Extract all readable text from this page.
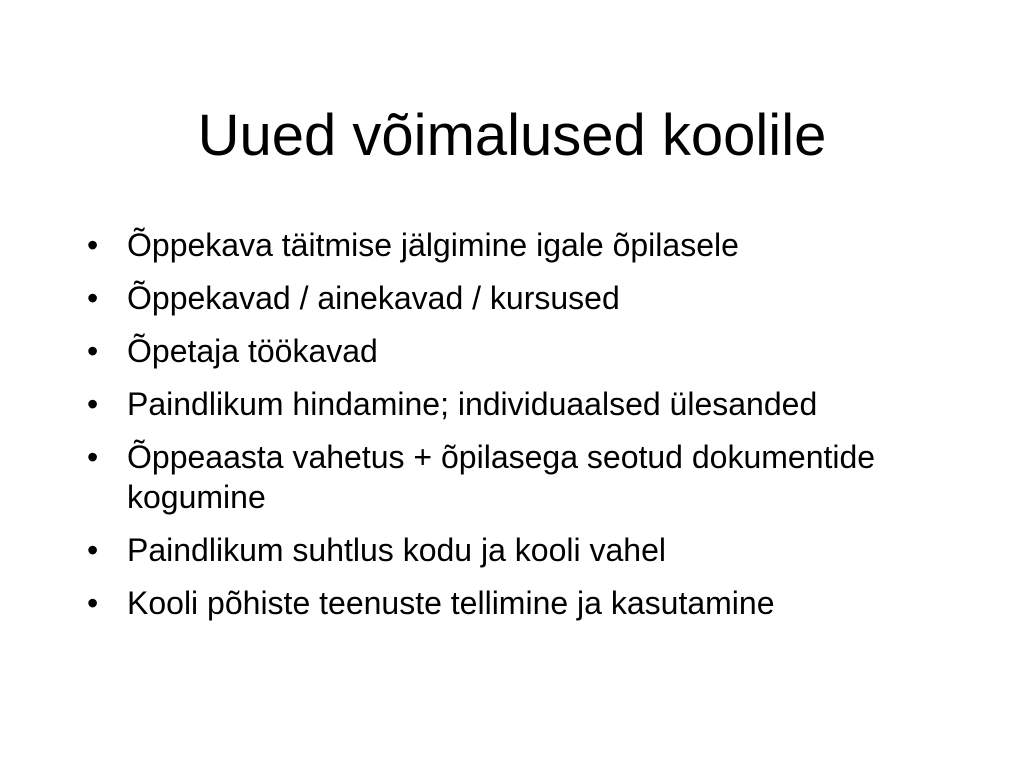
Uued võimalused koolile
• Õppekava täitmise jälgimine igale õpilasele
• Õppekavad / ainekavad / kursused
• Õpetaja töökavad
• Paindlikum hindamine; individuaalsed ülesanded
• Õppeaasta vahetus + õpilasega seotud dokumentide kogumine
• Paindlikum suhtlus kodu ja kooli vahel
• Kooli põhiste teenuste tellimine ja kasutamine
